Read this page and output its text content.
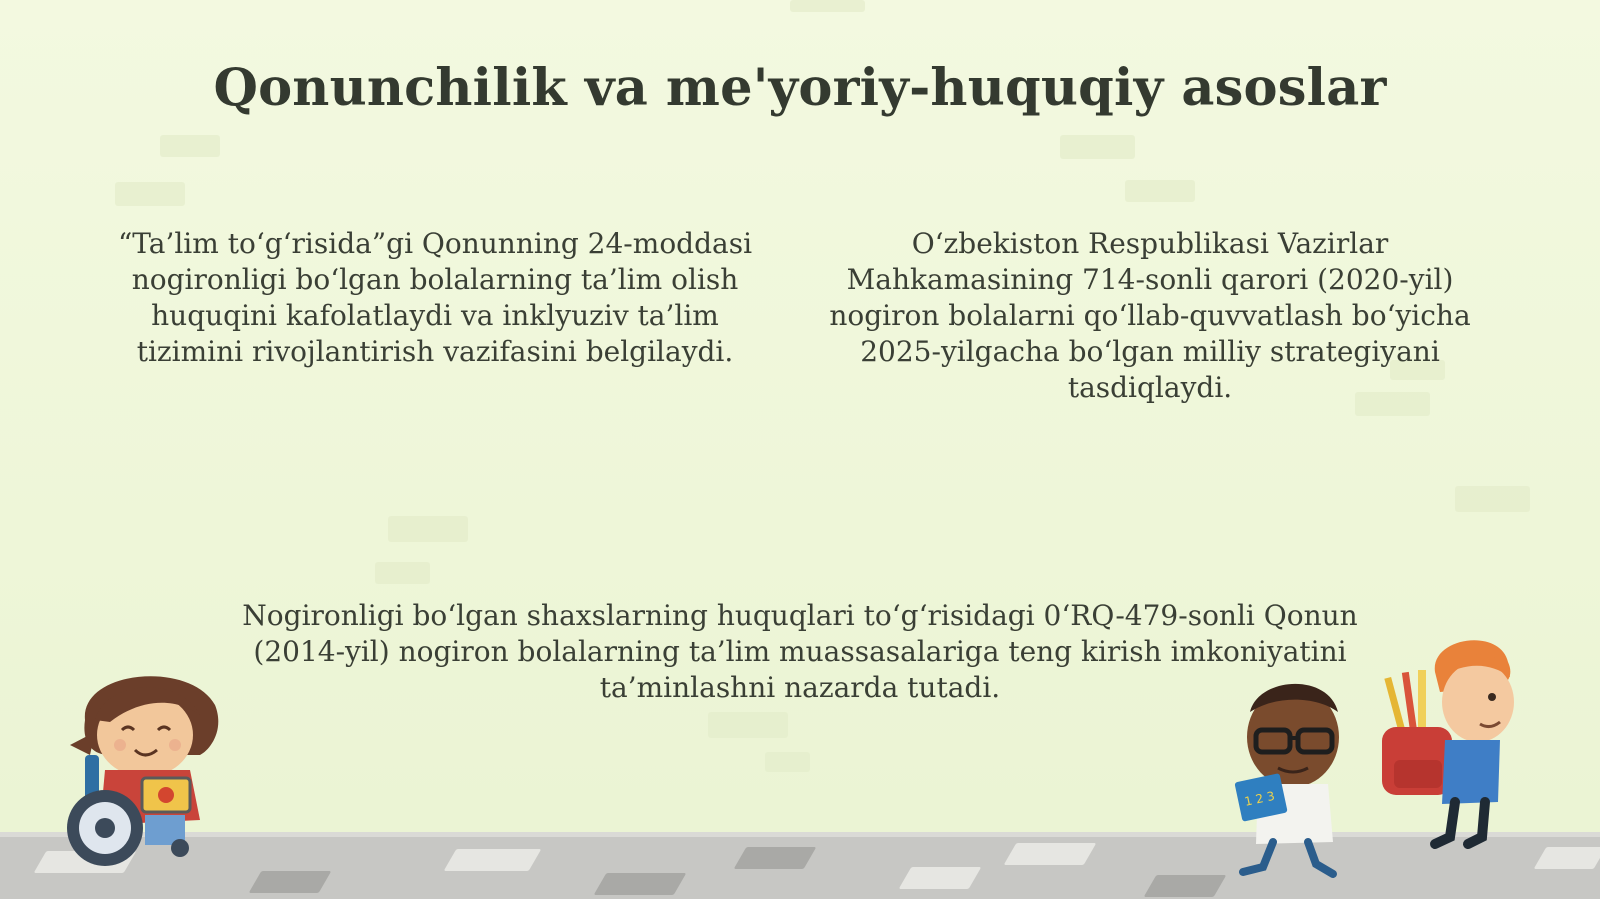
Qonunchilik va me'yoriy-huquqiy asoslar

“Ta’lim to‘g‘risida”gi Qonunning 24-moddasi nogironligi bo‘lgan bolalarning ta’lim olish huquqini kafolatlaydi va inklyuziv ta’lim tizimini rivojlantirish vazifasini belgilaydi.

O‘zbekiston Respublikasi Vazirlar Mahkamasining 714-sonli qarori (2020-yil) nogiron bolalarni qo‘llab-quvvatlash bo‘yicha 2025-yilgacha bo‘lgan milliy strategiyani tasdiqlaydi.

Nogironligi bo‘lgan shaxslarning huquqlari to‘g‘risidagi 0‘RQ-479-sonli Qonun (2014-yil) nogiron bolalarning ta’lim muassasalariga teng kirish imkoniyatini ta’minlashni nazarda tutadi.

1 2 3
